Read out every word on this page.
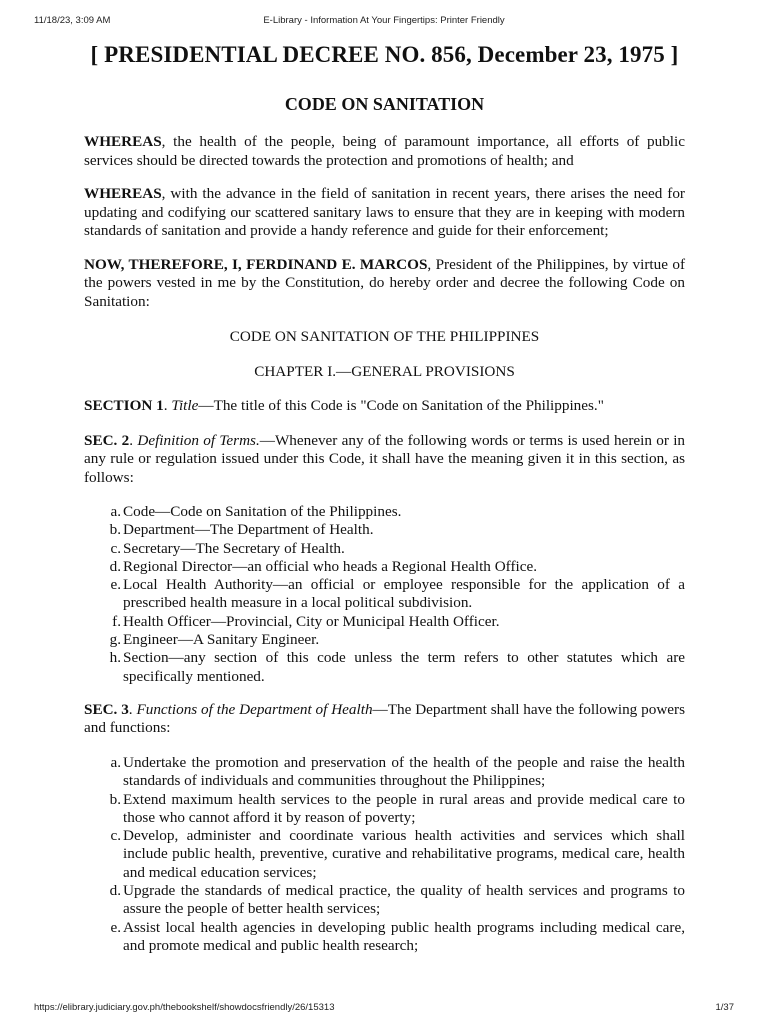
11/18/23, 3:09 AM	E-Library - Information At Your Fingertips: Printer Friendly
[ PRESIDENTIAL DECREE NO. 856, December 23, 1975 ]
CODE ON SANITATION

WHEREAS, the health of the people, being of paramount importance, all efforts of public services should be directed towards the protection and promotions of health; and

WHEREAS, with the advance in the field of sanitation in recent years, there arises the need for updating and codifying our scattered sanitary laws to ensure that they are in keeping with modern standards of sanitation and provide a handy reference and guide for their enforcement;

NOW, THEREFORE, I, FERDINAND E. MARCOS, President of the Philippines, by virtue of the powers vested in me by the Constitution, do hereby order and decree the following Code on Sanitation:

CODE ON SANITATION OF THE PHILIPPINES
CHAPTER I.—GENERAL PROVISIONS

SECTION 1. Title—The title of this Code is "Code on Sanitation of the Philippines."

SEC. 2. Definition of Terms.—Whenever any of the following words or terms is used herein or in any rule or regulation issued under this Code, it shall have the meaning given it in this section, as follows:

a. Code—Code on Sanitation of the Philippines.
b. Department—The Department of Health.
c. Secretary—The Secretary of Health.
d. Regional Director—an official who heads a Regional Health Office.
e. Local Health Authority—an official or employee responsible for the application of a prescribed health measure in a local political subdivision.
f. Health Officer—Provincial, City or Municipal Health Officer.
g. Engineer—A Sanitary Engineer.
h. Section—any section of this code unless the term refers to other statutes which are specifically mentioned.

SEC. 3. Functions of the Department of Health—The Department shall have the following powers and functions:

a. Undertake the promotion and preservation of the health of the people and raise the health standards of individuals and communities throughout the Philippines;
b. Extend maximum health services to the people in rural areas and provide medical care to those who cannot afford it by reason of poverty;
c. Develop, administer and coordinate various health activities and services which shall include public health, preventive, curative and rehabilitative programs, medical care, health and medical education services;
d. Upgrade the standards of medical practice, the quality of health services and programs to assure the people of better health services;
e. Assist local health agencies in developing public health programs including medical care, and promote medical and public health research;
https://elibrary.judiciary.gov.ph/thebookshelf/showdocsfriendly/26/15313	1/37
